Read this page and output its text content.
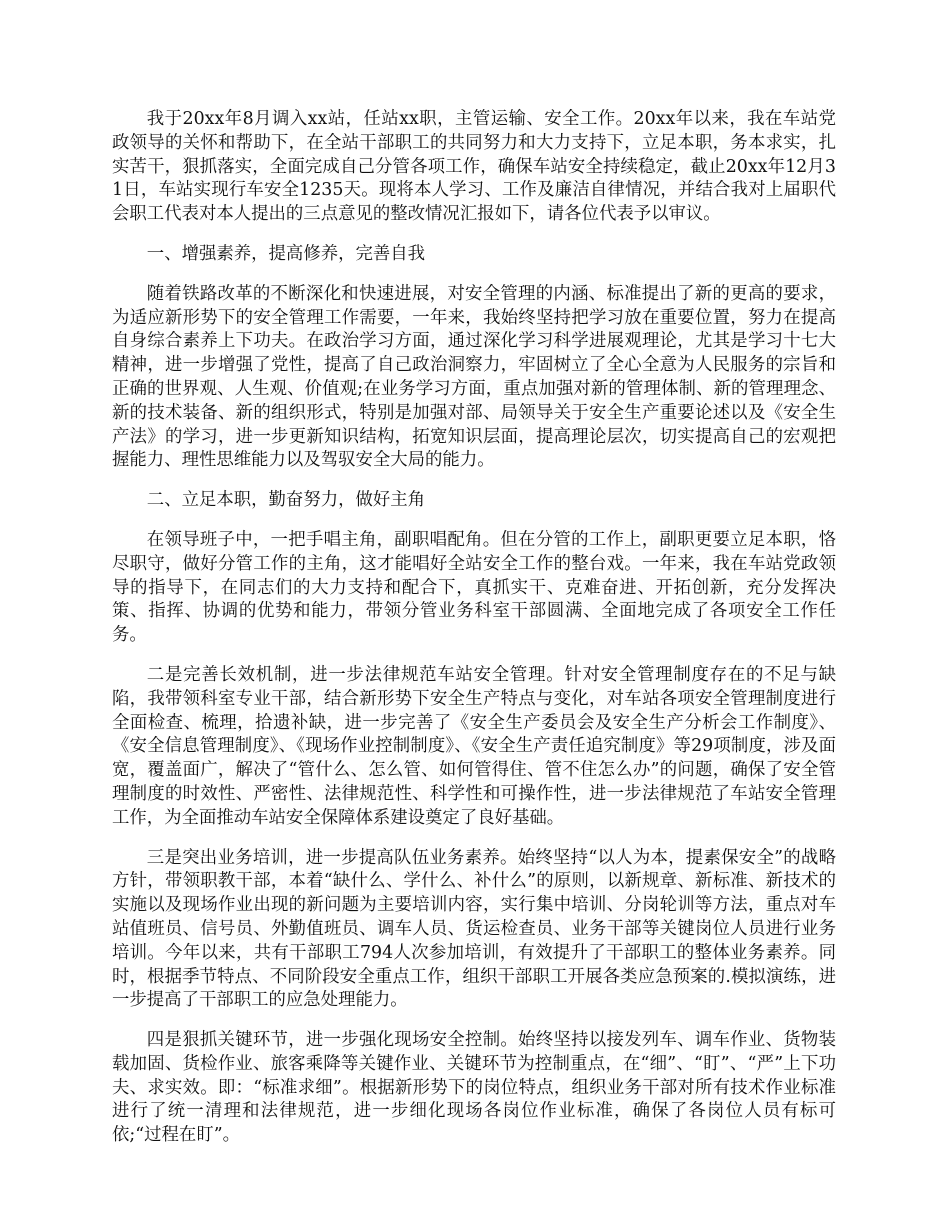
我于20xx年8月调入xx站，任站xx职，主管运输、安全工作。20xx年以来，我在车站党政领导的关怀和帮助下，在全站干部职工的共同努力和大力支持下，立足本职，务本求实，扎实苦干，狠抓落实，全面完成自己分管各项工作，确保车站安全持续稳定，截止20xx年12月31日，车站实现行车安全1235天。现将本人学习、工作及廉洁自律情况，并结合我对上届职代会职工代表对本人提出的三点意见的整改情况汇报如下，请各位代表予以审议。

一、增强素养，提高修养，完善自我

随着铁路改革的不断深化和快速进展，对安全管理的内涵、标准提出了新的更高的要求，为适应新形势下的安全管理工作需要，一年来，我始终坚持把学习放在重要位置，努力在提高自身综合素养上下功夫。在政治学习方面，通过深化学习科学进展观理论，尤其是学习十七大精神，进一步增强了党性，提高了自己政治洞察力，牢固树立了全心全意为人民服务的宗旨和正确的世界观、人生观、价值观;在业务学习方面，重点加强对新的管理体制、新的管理理念、新的技术装备、新的组织形式，特别是加强对部、局领导关于安全生产重要论述以及《安全生产法》的学习，进一步更新知识结构，拓宽知识层面，提高理论层次，切实提高自己的宏观把握能力、理性思维能力以及驾驭安全大局的能力。

二、立足本职，勤奋努力，做好主角

在领导班子中，一把手唱主角，副职唱配角。但在分管的工作上，副职更要立足本职，恪尽职守，做好分管工作的主角，这才能唱好全站安全工作的整台戏。一年来，我在车站党政领导的指导下，在同志们的大力支持和配合下，真抓实干、克难奋进、开拓创新，充分发挥决策、指挥、协调的优势和能力，带领分管业务科室干部圆满、全面地完成了各项安全工作任务。

二是完善长效机制，进一步法律规范车站安全管理。针对安全管理制度存在的不足与缺陷，我带领科室专业干部，结合新形势下安全生产特点与变化，对车站各项安全管理制度进行全面检查、梳理，拾遗补缺，进一步完善了《安全生产委员会及安全生产分析会工作制度》、《安全信息管理制度》、《现场作业控制制度》、《安全生产责任追究制度》等29项制度，涉及面宽，覆盖面广，解决了“管什么、怎么管、如何管得住、管不住怎么办”的问题，确保了安全管理制度的时效性、严密性、法律规范性、科学性和可操作性，进一步法律规范了车站安全管理工作，为全面推动车站安全保障体系建设奠定了良好基础。

三是突出业务培训，进一步提高队伍业务素养。始终坚持“以人为本，提素保安全”的战略方针，带领职教干部，本着“缺什么、学什么、补什么”的原则，以新规章、新标准、新技术的实施以及现场作业出现的新问题为主要培训内容，实行集中培训、分岗轮训等方法，重点对车站值班员、信号员、外勤值班员、调车人员、货运检查员、业务干部等关键岗位人员进行业务培训。今年以来，共有干部职工794人次参加培训，有效提升了干部职工的整体业务素养。同时，根据季节特点、不同阶段安全重点工作，组织干部职工开展各类应急预案的.模拟演练，进一步提高了干部职工的应急处理能力。

四是狠抓关键环节，进一步强化现场安全控制。始终坚持以接发列车、调车作业、货物装载加固、货检作业、旅客乘降等关键作业、关键环节为控制重点，在“细”、“盯”、“严”上下功夫、求实效。即：“标准求细”。根据新形势下的岗位特点，组织业务干部对所有技术作业标准进行了统一清理和法律规范，进一步细化现场各岗位作业标准，确保了各岗位人员有标可依;“过程在盯”。
